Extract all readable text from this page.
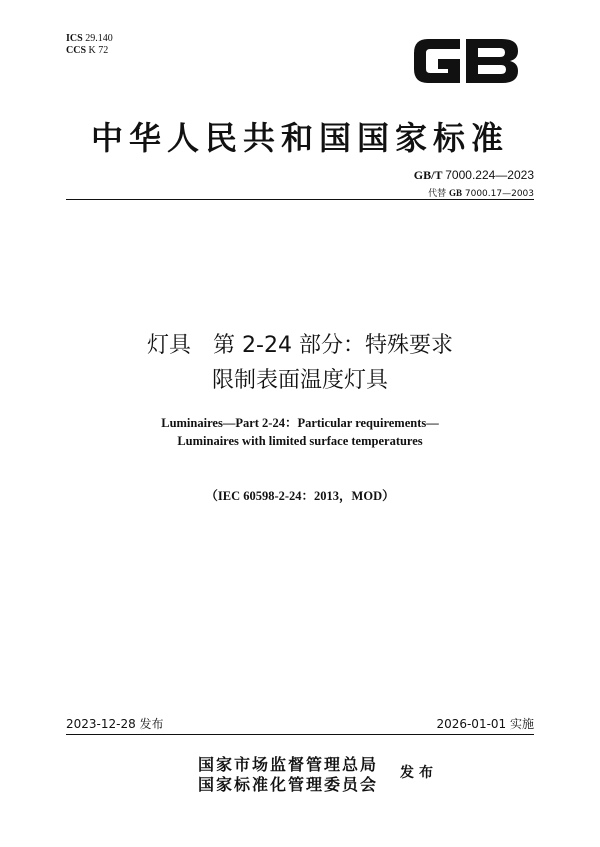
ICS 29.140
CCS K 72
中华人民共和国国家标准
GB/T 7000.224—2023
代替 GB 7000.17—2003
灯具　第 2-24 部分：特殊要求
限制表面温度灯具
Luminaires—Part 2-24：Particular requirements—
Luminaires with limited surface temperatures
（IEC 60598-2-24：2013，MOD）
2023-12-28 发布	2026-01-01 实施
国家市场监督管理总局
国家标准化管理委员会
发布
